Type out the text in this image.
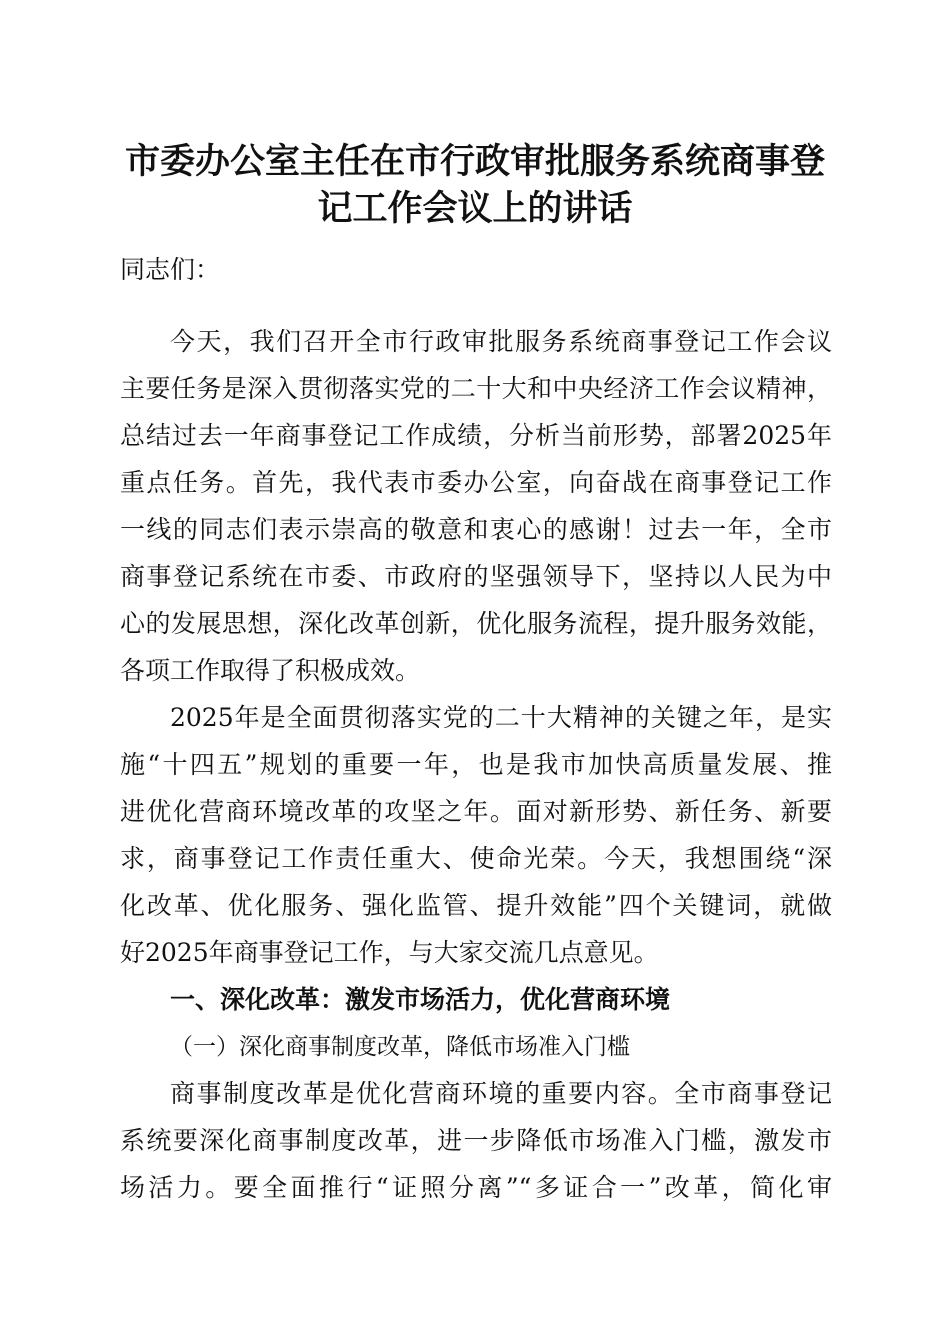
市委办公室主任在市行政审批服务系统商事登
记工作会议上的讲话

同志们：

今天，我们召开全市行政审批服务系统商事登记工作会议

主要任务是深入贯彻落实党的二十大和中央经济工作会议精神，

总结过去一年商事登记工作成绩，分析当前形势，部署2025年

重点任务。首先，我代表市委办公室，向奋战在商事登记工作

一线的同志们表示崇高的敬意和衷心的感谢！过去一年，全市

商事登记系统在市委、市政府的坚强领导下，坚持以人民为中

心的发展思想，深化改革创新，优化服务流程，提升服务效能，

各项工作取得了积极成效。

2025年是全面贯彻落实党的二十大精神的关键之年，是实

施“十四五”规划的重要一年，也是我市加快高质量发展、推

进优化营商环境改革的攻坚之年。面对新形势、新任务、新要

求，商事登记工作责任重大、使命光荣。今天，我想围绕“深

化改革、优化服务、强化监管、提升效能”四个关键词，就做

好2025年商事登记工作，与大家交流几点意见。

一、深化改革：激发市场活力，优化营商环境

（一）深化商事制度改革，降低市场准入门槛

商事制度改革是优化营商环境的重要内容。全市商事登记

系统要深化商事制度改革，进一步降低市场准入门槛，激发市

场活力。要全面推行“证照分离”“多证合一”改革，简化审
